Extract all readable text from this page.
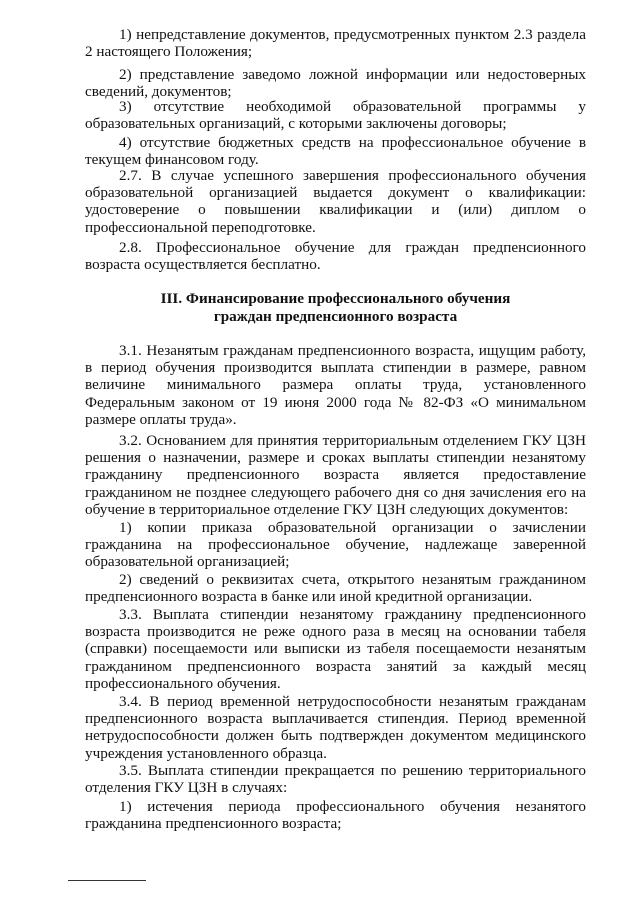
1) непредставление документов, предусмотренных пунктом 2.3 раздела 2 настоящего Положения;

2) представление заведомо ложной информации или недостоверных сведений, документов;

3) отсутствие необходимой образовательной программы у образовательных организаций, с которыми заключены договоры;

4) отсутствие бюджетных средств на профессиональное обучение в текущем финансовом году.

2.7. В случае успешного завершения профессионального обучения образовательной организацией выдается документ о квалификации: удостоверение о повышении квалификации и (или) диплом о профессиональной переподготовке.

2.8. Профессиональное обучение для граждан предпенсионного возраста осуществляется бесплатно.

III. Финансирование профессионального обучения
граждан предпенсионного возраста

3.1. Незанятым гражданам предпенсионного возраста, ищущим работу, в период обучения производится выплата стипендии в размере, равном величине минимального размера оплаты труда, установленного Федеральным законом от 19 июня 2000 года № 82-ФЗ «О минимальном размере оплаты труда».

3.2. Основанием для принятия территориальным отделением ГКУ ЦЗН решения о назначении, размере и сроках выплаты стипендии незанятому гражданину предпенсионного возраста является предоставление гражданином не позднее следующего рабочего дня со дня зачисления его на обучение в территориальное отделение ГКУ ЦЗН следующих документов:

1) копии приказа образовательной организации о зачислении гражданина на профессиональное обучение, надлежаще заверенной образовательной организацией;

2) сведений о реквизитах счета, открытого незанятым гражданином предпенсионного возраста в банке или иной кредитной организации.

3.3. Выплата стипендии незанятому гражданину предпенсионного возраста производится не реже одного раза в месяц на основании табеля (справки) посещаемости или выписки из табеля посещаемости незанятым гражданином предпенсионного возраста занятий за каждый месяц профессионального обучения.

3.4. В период временной нетрудоспособности незанятым гражданам предпенсионного возраста выплачивается стипендия. Период временной нетрудоспособности должен быть подтвержден документом медицинского учреждения установленного образца.

3.5. Выплата стипендии прекращается по решению территориального отделения ГКУ ЦЗН в случаях:

1) истечения периода профессионального обучения незанятого гражданина предпенсионного возраста;
